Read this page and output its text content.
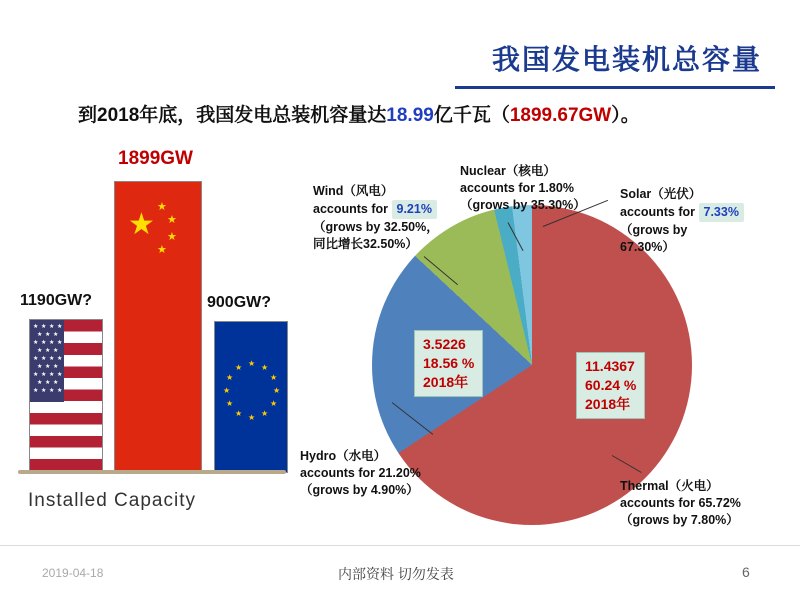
我国发电装机总容量
到2018年底，我国发电总装机容量达18.99亿千瓦（1899.67GW）。
1190GW?
1899GW
900GW?
★ ★ ★ ★
★ ★ ★
★ ★ ★ ★
★ ★ ★
★ ★ ★ ★
★ ★ ★
★ ★ ★ ★
★ ★ ★
★ ★ ★ ★
★
★
★
★
★
★ ★
★
★
★
★
★
★
★
★
★
★
Installed Capacity
Wind（风电）
accounts for 9.21%
（grows by 32.50%，
同比增长32.50%）
Nuclear（核电）
accounts for 1.80%
（grows by 35.30%）
Solar（光伏）
accounts for 7.33%
（grows by
67.30%）
Hydro（水电）
accounts for 21.20%
（grows by 4.90%）	Thermal（火电）
accounts for 65.72%
（grows by 7.80%）
3.5226
18.56 %
2018年
11.4367
60.24 %
2018年
2019-04-18	内部资料 切勿发表	6
